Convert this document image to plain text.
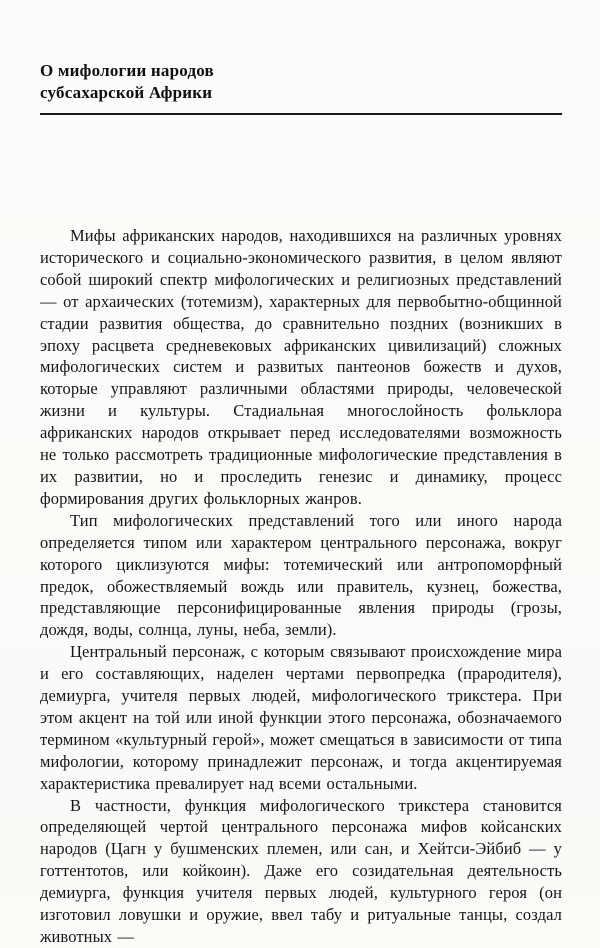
О мифологии народов
субсахарской Африки

Мифы африканских народов, находившихся на различных уровнях исторического и социально-экономического развития, в целом являют собой широкий спектр мифологических и религиозных представлений — от архаических (тотемизм), характерных для первобытно-общинной стадии развития общества, до сравнительно поздних (возникших в эпоху расцвета средневековых африканских цивилизаций) сложных мифологических систем и развитых пантеонов божеств и духов, которые управляют различными областями природы, человеческой жизни и культуры. Стадиальная многослойность фольклора африканских народов открывает перед исследователями возможность не только рассмотреть традиционные мифологические представления в их развитии, но и проследить генезис и динамику, процесс формирования других фольклорных жанров.

Тип мифологических представлений того или иного народа определяется типом или характером центрального персонажа, вокруг которого циклизуются мифы: тотемический или антропоморфный предок, обожествляемый вождь или правитель, кузнец, божества, представляющие персонифицированные явления природы (грозы, дождя, воды, солнца, луны, неба, земли).

Центральный персонаж, с которым связывают происхождение мира и его составляющих, наделен чертами первопредка (прародителя), демиурга, учителя первых людей, мифологического трикстера. При этом акцент на той или иной функции этого персонажа, обозначаемого термином «культурный герой», может смещаться в зависимости от типа мифологии, которому принадлежит персонаж, и тогда акцентируемая характеристика превалирует над всеми остальными.

В частности, функция мифологического трикстера становится определяющей чертой центрального персонажа мифов койсанских народов (Цагн у бушменских племен, или сан, и Хейтси-Эйбиб — у готтентотов, или койкоин). Даже его созидательная деятельность демиурга, функция учителя первых людей, культурного героя (он изготовил ловушки и оружие, ввел табу и ритуальные танцы, создал животных —
